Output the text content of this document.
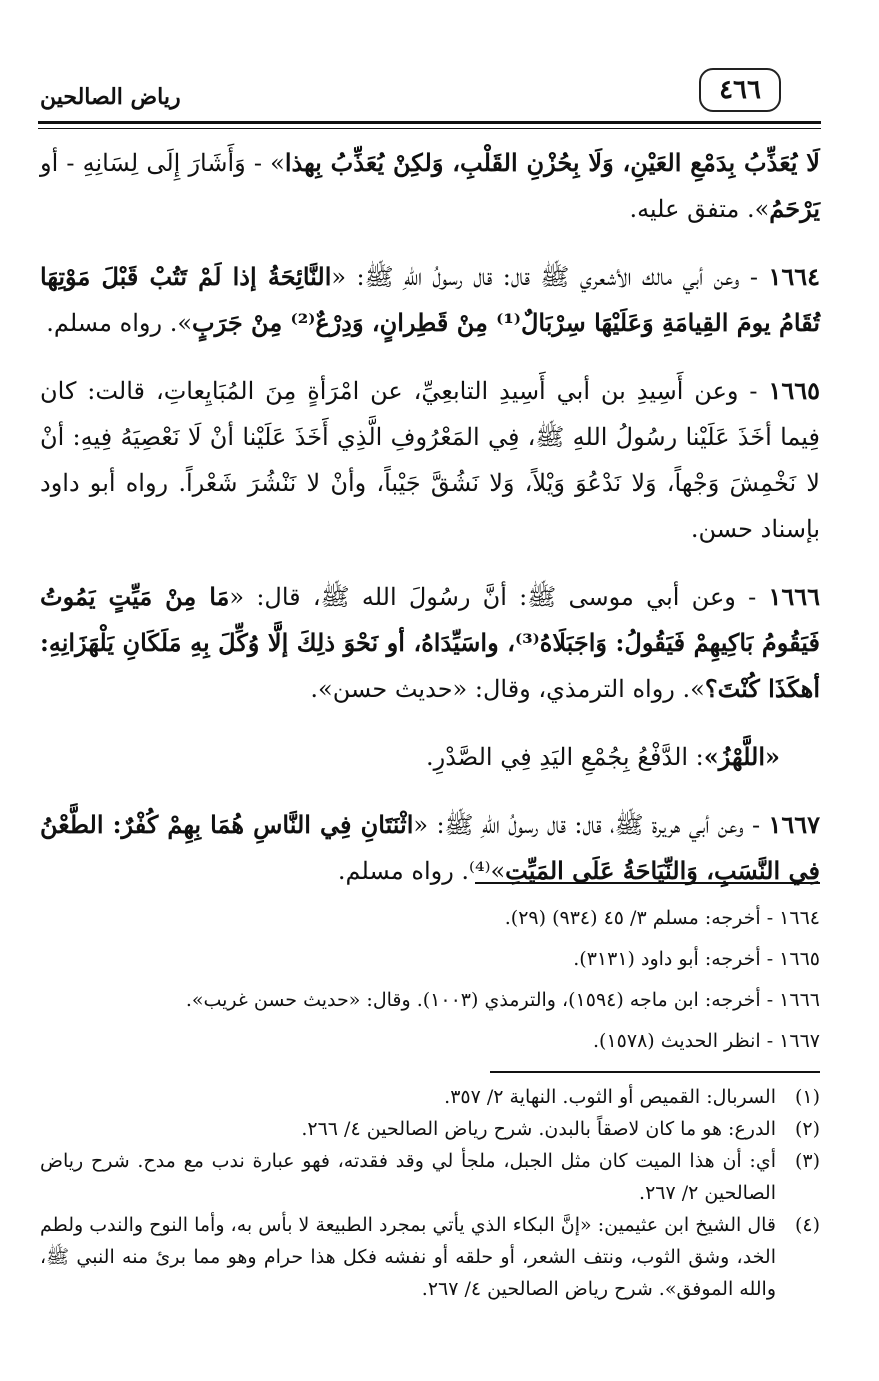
٤٦٦
رياض الصالحين

لَا يُعَذِّبُ بِدَمْعِ العَيْنِ، وَلَا بِحُزْنِ القَلْبِ، وَلكِنْ يُعَذِّبُ بِهذا» - وَأَشَارَ إِلَى لِسَانِهِ - أو يَرْحَمُ». متفق عليه.

١٦٦٤ - وعن أبي مالك الأشعري ﷺ قال: قال رسولُ اللهِ ﷺ: «النَّائِحَةُ إذا لَمْ تَتُبْ قَبْلَ مَوْتِهَا تُقَامُ يومَ القِيامَةِ وَعَلَيْهَا سِرْبَالٌ⁽¹⁾ مِنْ قَطِرانٍ، وَدِرْعٌ⁽²⁾ مِنْ جَرَبٍ». رواه مسلم.

١٦٦٥ - وعن أَسِيدِ بن أبي أَسِيدِ التابعِيِّ، عن امْرَأةٍ مِنَ المُبَايِعاتِ، قالت: كان فِيما أخَذَ عَلَيْنا رسُولُ اللهِ ﷺ، فِي المَعْرُوفِ الَّذِي أَخَذَ عَلَيْنا أنْ لَا نَعْصِيَهُ فِيهِ: أنْ لا نَخْمِشَ وَجْهاً، وَلا نَدْعُوَ وَيْلاً، وَلا نَشُقَّ جَيْباً، وأنْ لا نَنْشُرَ شَعْراً. رواه أبو داود بإسناد حسن.

١٦٦٦ - وعن أبي موسى ﷺ: أنَّ رسُولَ الله ﷺ، قال: «مَا مِنْ مَيِّتٍ يَمُوتُ فَيَقُومُ بَاكِيهِمْ فَيَقُولُ: وَاجَبَلَاهُ⁽³⁾، واسَيِّدَاهُ، أو نَحْوَ ذلِكَ إلَّا وُكِّلَ بِهِ مَلَكَانِ يَلْهَزَانِهِ: أهكَذَا كُنْتَ؟». رواه الترمذي، وقال: «حديث حسن».

«اللَّهْزُ»: الدَّفْعُ بِجُمْعِ اليَدِ فِي الصَّدْرِ.

١٦٦٧ - وعن أبي هريرة ﷺ، قال: قال رسولُ اللهِ ﷺ: «اثْنَتَانِ فِي النَّاسِ هُمَا بِهِمْ كُفْرٌ: الطَّعْنُ فِي النَّسَبِ، وَالنِّيَاحَةُ عَلَى المَيِّتِ»⁽⁴⁾. رواه مسلم.

١٦٦٤ - أخرجه: مسلم ٣/ ٤٥ (٩٣٤) (٢٩).

١٦٦٥ - أخرجه: أبو داود (٣١٣١).

١٦٦٦ - أخرجه: ابن ماجه (١٥٩٤)، والترمذي (١٠٠٣). وقال: «حديث حسن غريب».

١٦٦٧ - انظر الحديث (١٥٧٨).

(١)
السربال: القميص أو الثوب. النهاية ٢/ ٣٥٧.
(٢)
الدرع: هو ما كان لاصقاً بالبدن. شرح رياض الصالحين ٤/ ٢٦٦.
(٣)
أي: أن هذا الميت كان مثل الجبل، ملجأ لي وقد فقدته، فهو عبارة ندب مع مدح. شرح رياض الصالحين ٢/ ٢٦٧.
(٤)
قال الشيخ ابن عثيمين: «إنَّ البكاء الذي يأتي بمجرد الطبيعة لا بأس به، وأما النوح والندب ولطم الخد، وشق الثوب، ونتف الشعر، أو حلقه أو نفشه فكل هذا حرام وهو مما برئ منه النبي ﷺ، والله الموفق». شرح رياض الصالحين ٤/ ٢٦٧.
